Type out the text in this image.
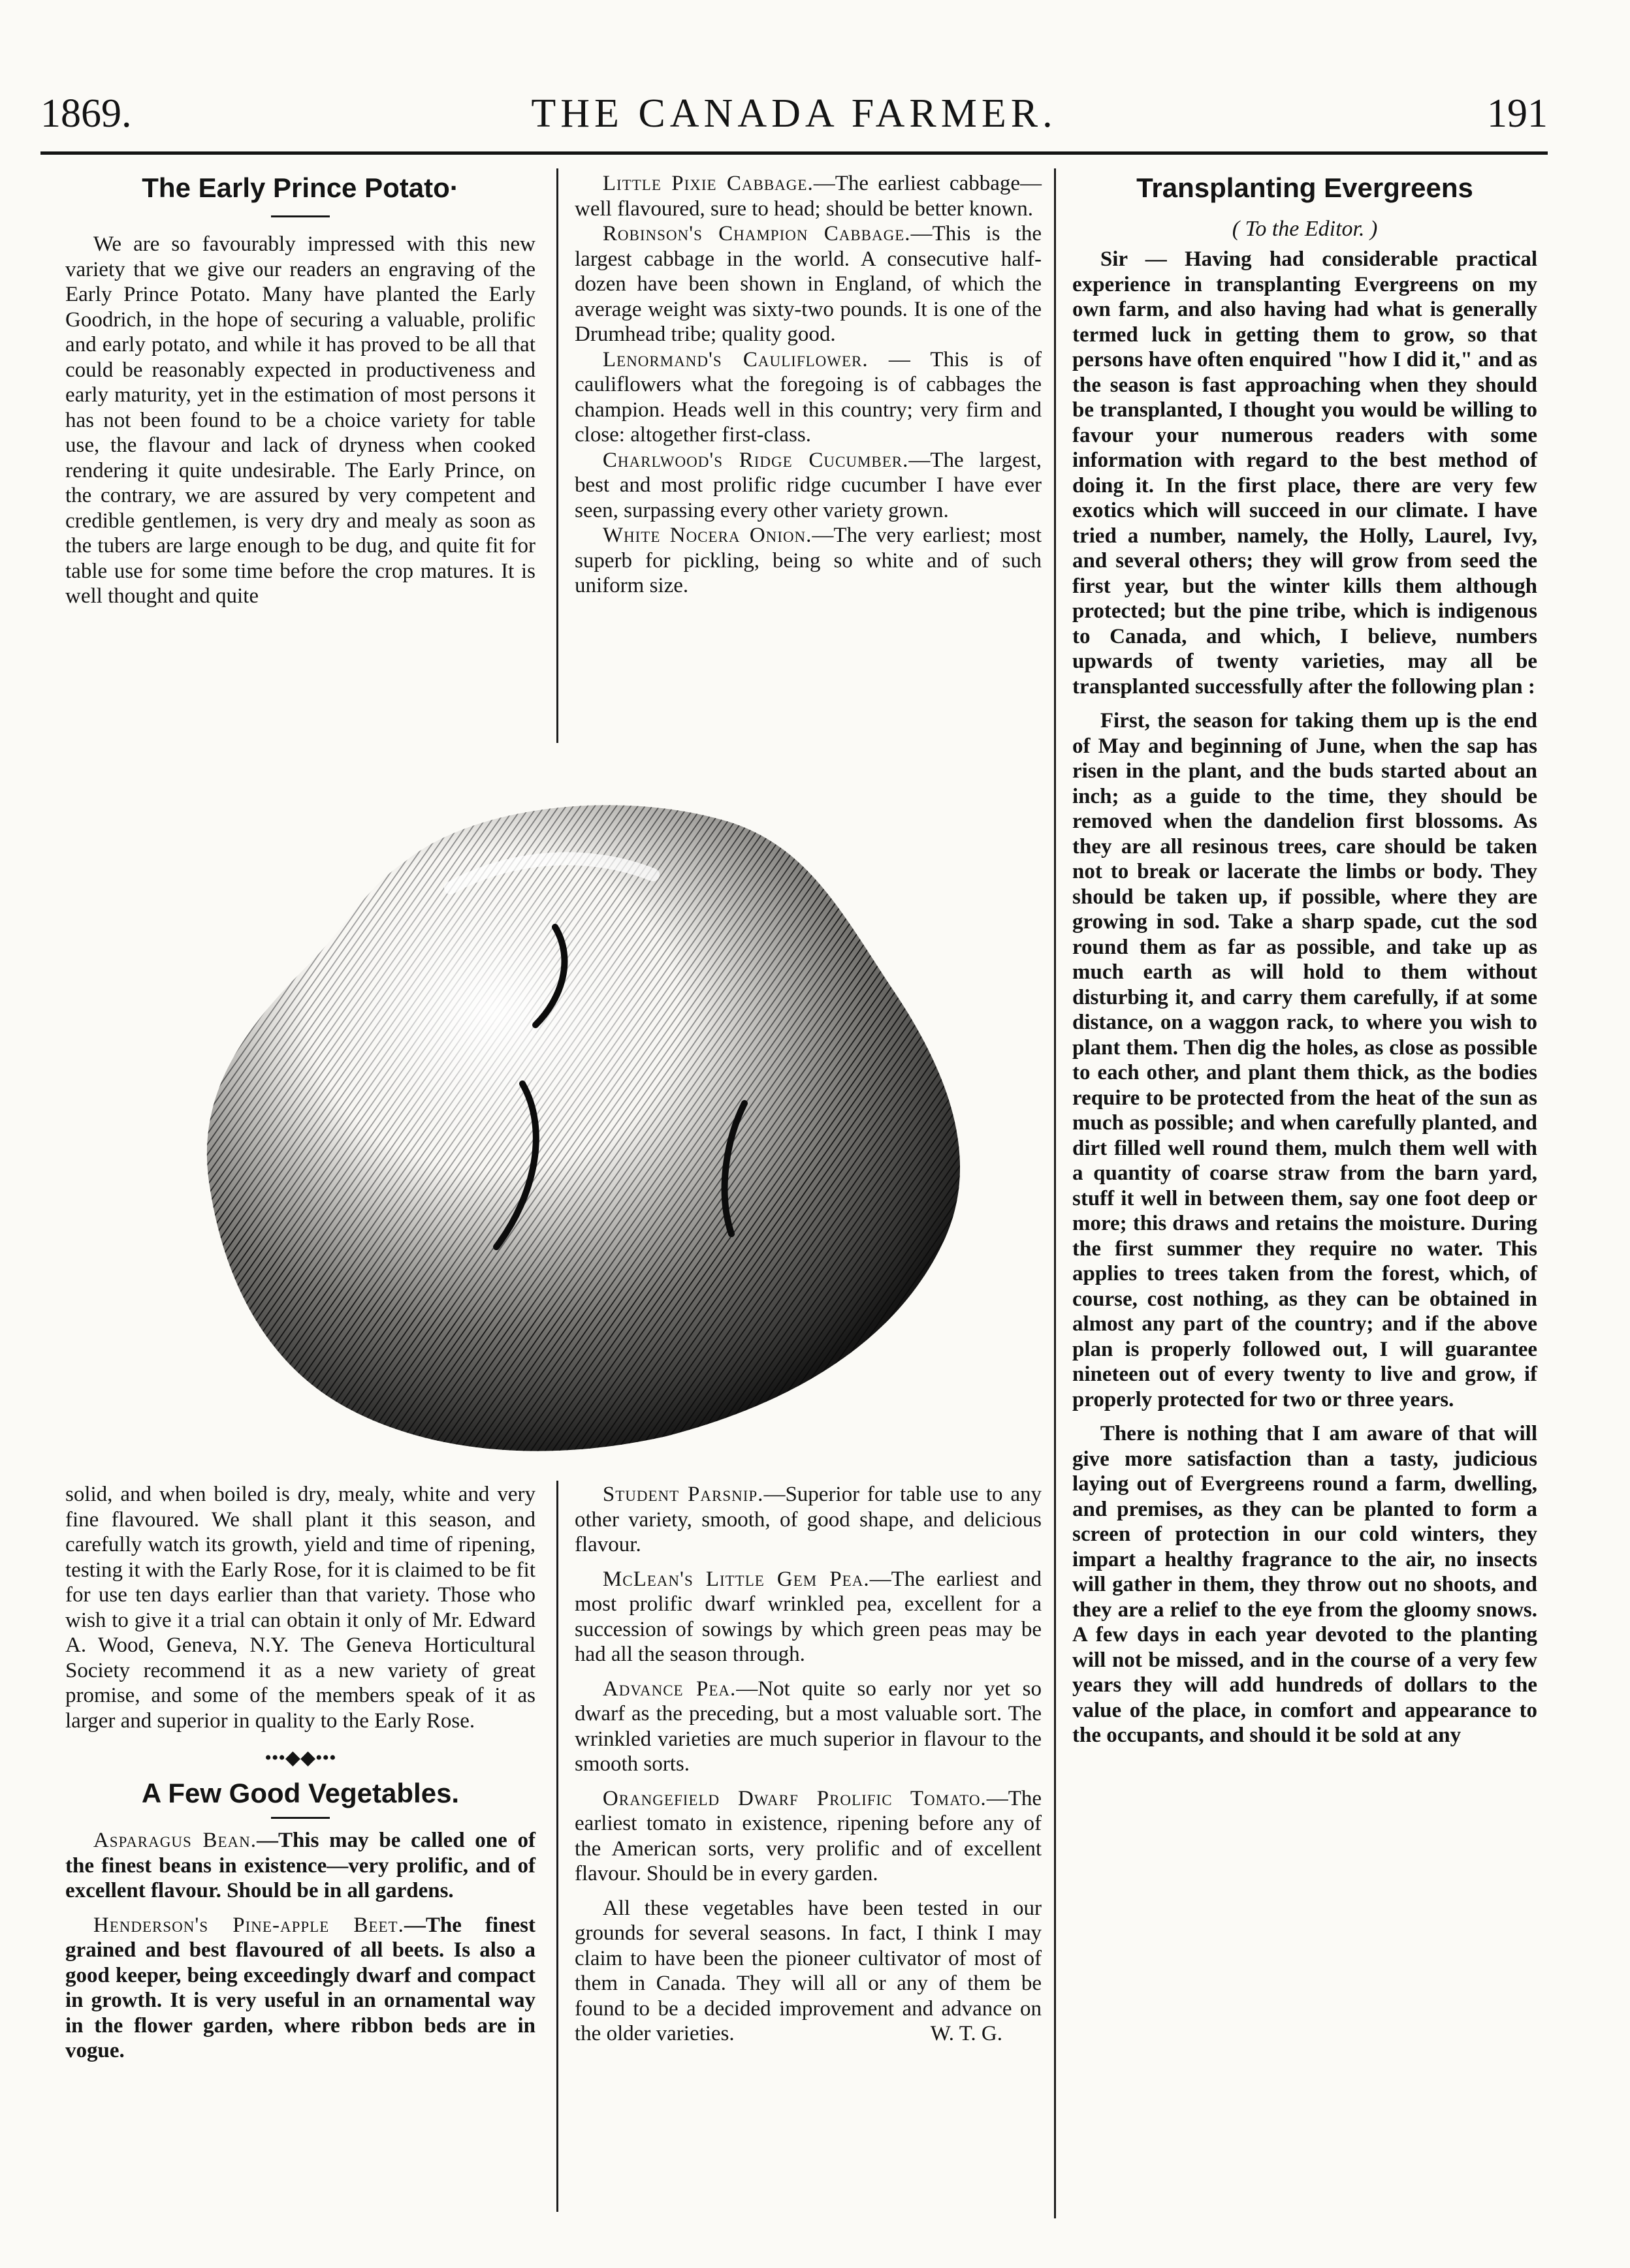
THE CANADA FARMER.
1869.	191
The Early Prince Potato·

We are so favourably impressed with this new variety that we give our readers an engraving of the Early Prince Potato. Many have planted the Early Goodrich, in the hope of securing a valuable, prolific and early potato, and while it has proved to be all that could be reasonably expected in productiveness and early maturity, yet in the estimation of most persons it has not been found to be a choice variety for table use, the flavour and lack of dryness when cooked rendering it quite undesirable. The Early Prince, on the contrary, we are assured by very competent and credible gentlemen, is very dry and mealy as soon as the tubers are large enough to be dug, and quite fit for table use for some time before the crop matures. It is well thought and quite

Little Pixie Cabbage.—The earliest cabbage—well flavoured, sure to head; should be better known.

Robinson's Champion Cabbage.—This is the largest cabbage in the world. A consecutive half-dozen have been shown in England, of which the average weight was sixty-two pounds. It is one of the Drumhead tribe; quality good.

Lenormand's Cauliflower. — This is of cauliflowers what the foregoing is of cabbages the champion. Heads well in this country; very firm and close: altogether first-class.

Charlwood's Ridge Cucumber.—The largest, best and most prolific ridge cucumber I have ever seen, surpassing every other variety grown.

White Nocera Onion.—The very earliest; most superb for pickling, being so white and of such uniform size.

solid, and when boiled is dry, mealy, white and very fine flavoured. We shall plant it this season, and carefully watch its growth, yield and time of ripening, testing it with the Early Rose, for it is claimed to be fit for use ten days earlier than that variety. Those who wish to give it a trial can obtain it only of Mr. Edward A. Wood, Geneva, N.Y. The Geneva Horticultural Society recommend it as a new variety of great promise, and some of the members speak of it as larger and superior in quality to the Early Rose.

•••◆◆•••
A Few Good Vegetables.

Asparagus Bean.—This may be called one of the finest beans in existence—very prolific, and of excellent flavour. Should be in all gardens.

Henderson's Pine-apple Beet.—The finest grained and best flavoured of all beets. Is also a good keeper, being exceedingly dwarf and compact in growth. It is very useful in an ornamental way in the flower garden, where ribbon beds are in vogue.

Student Parsnip.—Superior for table use to any other variety, smooth, of good shape, and delicious flavour.

McLean's Little Gem Pea.—The earliest and most prolific dwarf wrinkled pea, excellent for a succession of sowings by which green peas may be had all the season through.

Advance Pea.—Not quite so early nor yet so dwarf as the preceding, but a most valuable sort. The wrinkled varieties are much superior in flavour to the smooth sorts.

Orangefield Dwarf Prolific Tomato.—The earliest tomato in existence, ripening before any of the American sorts, very prolific and of excellent flavour. Should be in every garden.

All these vegetables have been tested in our grounds for several seasons. In fact, I think I may claim to have been the pioneer cultivator of most of them in Canada. They will all or any of them be found to be a decided improvement and advance on the older varieties.	W. T. G.

Transplanting Evergreens
( To the Editor. )

Sir — Having had considerable practical experience in transplanting Evergreens on my own farm, and also having had what is generally termed luck in getting them to grow, so that persons have often enquired "how I did it," and as the season is fast approaching when they should be transplanted, I thought you would be willing to favour your numerous readers with some information with regard to the best method of doing it. In the first place, there are very few exotics which will succeed in our climate. I have tried a number, namely, the Holly, Laurel, Ivy, and several others; they will grow from seed the first year, but the winter kills them although protected; but the pine tribe, which is indigenous to Canada, and which, I believe, numbers upwards of twenty varieties, may all be transplanted successfully after the following plan :

First, the season for taking them up is the end of May and beginning of June, when the sap has risen in the plant, and the buds started about an inch; as a guide to the time, they should be removed when the dandelion first blossoms. As they are all resinous trees, care should be taken not to break or lacerate the limbs or body. They should be taken up, if possible, where they are growing in sod. Take a sharp spade, cut the sod round them as far as possible, and take up as much earth as will hold to them without disturbing it, and carry them carefully, if at some distance, on a waggon rack, to where you wish to plant them. Then dig the holes, as close as possible to each other, and plant them thick, as the bodies require to be protected from the heat of the sun as much as possible; and when carefully planted, and dirt filled well round them, mulch them well with a quantity of coarse straw from the barn yard, stuff it well in between them, say one foot deep or more; this draws and retains the moisture. During the first summer they require no water. This applies to trees taken from the forest, which, of course, cost nothing, as they can be obtained in almost any part of the country; and if the above plan is properly followed out, I will guarantee nineteen out of every twenty to live and grow, if properly protected for two or three years.

There is nothing that I am aware of that will give more satisfaction than a tasty, judicious laying out of Evergreens round a farm, dwelling, and premises, as they can be planted to form a screen of protection in our cold winters, they impart a healthy fragrance to the air, no insects will gather in them, they throw out no shoots, and they are a relief to the eye from the gloomy snows. A few days in each year devoted to the planting will not be missed, and in the course of a very few years they will add hundreds of dollars to the value of the place, in comfort and appearance to the occupants, and should it be sold at any
